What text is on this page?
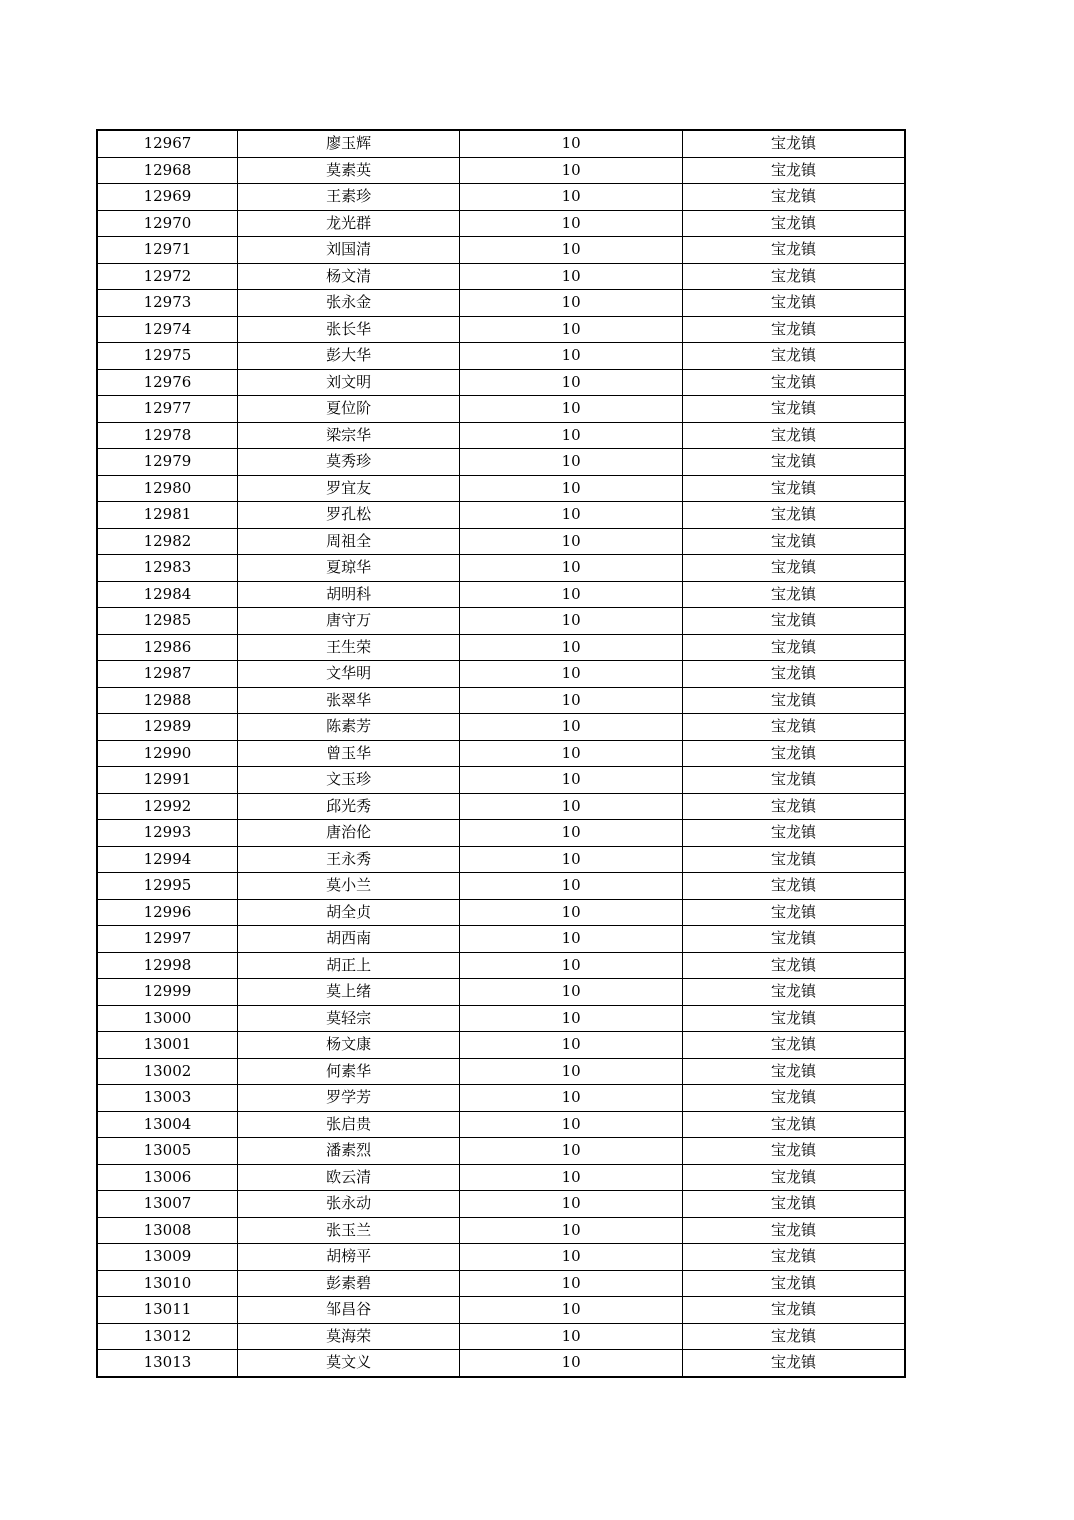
12967	廖玉辉	10	宝龙镇
12968	莫素英	10	宝龙镇
12969	王素珍	10	宝龙镇
12970	龙光群	10	宝龙镇
12971	刘国清	10	宝龙镇
12972	杨文清	10	宝龙镇
12973	张永金	10	宝龙镇
12974	张长华	10	宝龙镇
12975	彭大华	10	宝龙镇
12976	刘文明	10	宝龙镇
12977	夏位阶	10	宝龙镇
12978	梁宗华	10	宝龙镇
12979	莫秀珍	10	宝龙镇
12980	罗宜友	10	宝龙镇
12981	罗孔松	10	宝龙镇
12982	周祖全	10	宝龙镇
12983	夏琼华	10	宝龙镇
12984	胡明科	10	宝龙镇
12985	唐守万	10	宝龙镇
12986	王生荣	10	宝龙镇
12987	文华明	10	宝龙镇
12988	张翠华	10	宝龙镇
12989	陈素芳	10	宝龙镇
12990	曾玉华	10	宝龙镇
12991	文玉珍	10	宝龙镇
12992	邱光秀	10	宝龙镇
12993	唐治伦	10	宝龙镇
12994	王永秀	10	宝龙镇
12995	莫小兰	10	宝龙镇
12996	胡全贞	10	宝龙镇
12997	胡西南	10	宝龙镇
12998	胡正上	10	宝龙镇
12999	莫上绪	10	宝龙镇
13000	莫轻宗	10	宝龙镇
13001	杨文康	10	宝龙镇
13002	何素华	10	宝龙镇
13003	罗学芳	10	宝龙镇
13004	张启贵	10	宝龙镇
13005	潘素烈	10	宝龙镇
13006	欧云清	10	宝龙镇
13007	张永动	10	宝龙镇
13008	张玉兰	10	宝龙镇
13009	胡榜平	10	宝龙镇
13010	彭素碧	10	宝龙镇
13011	邹昌谷	10	宝龙镇
13012	莫海荣	10	宝龙镇
13013	莫文义	10	宝龙镇
